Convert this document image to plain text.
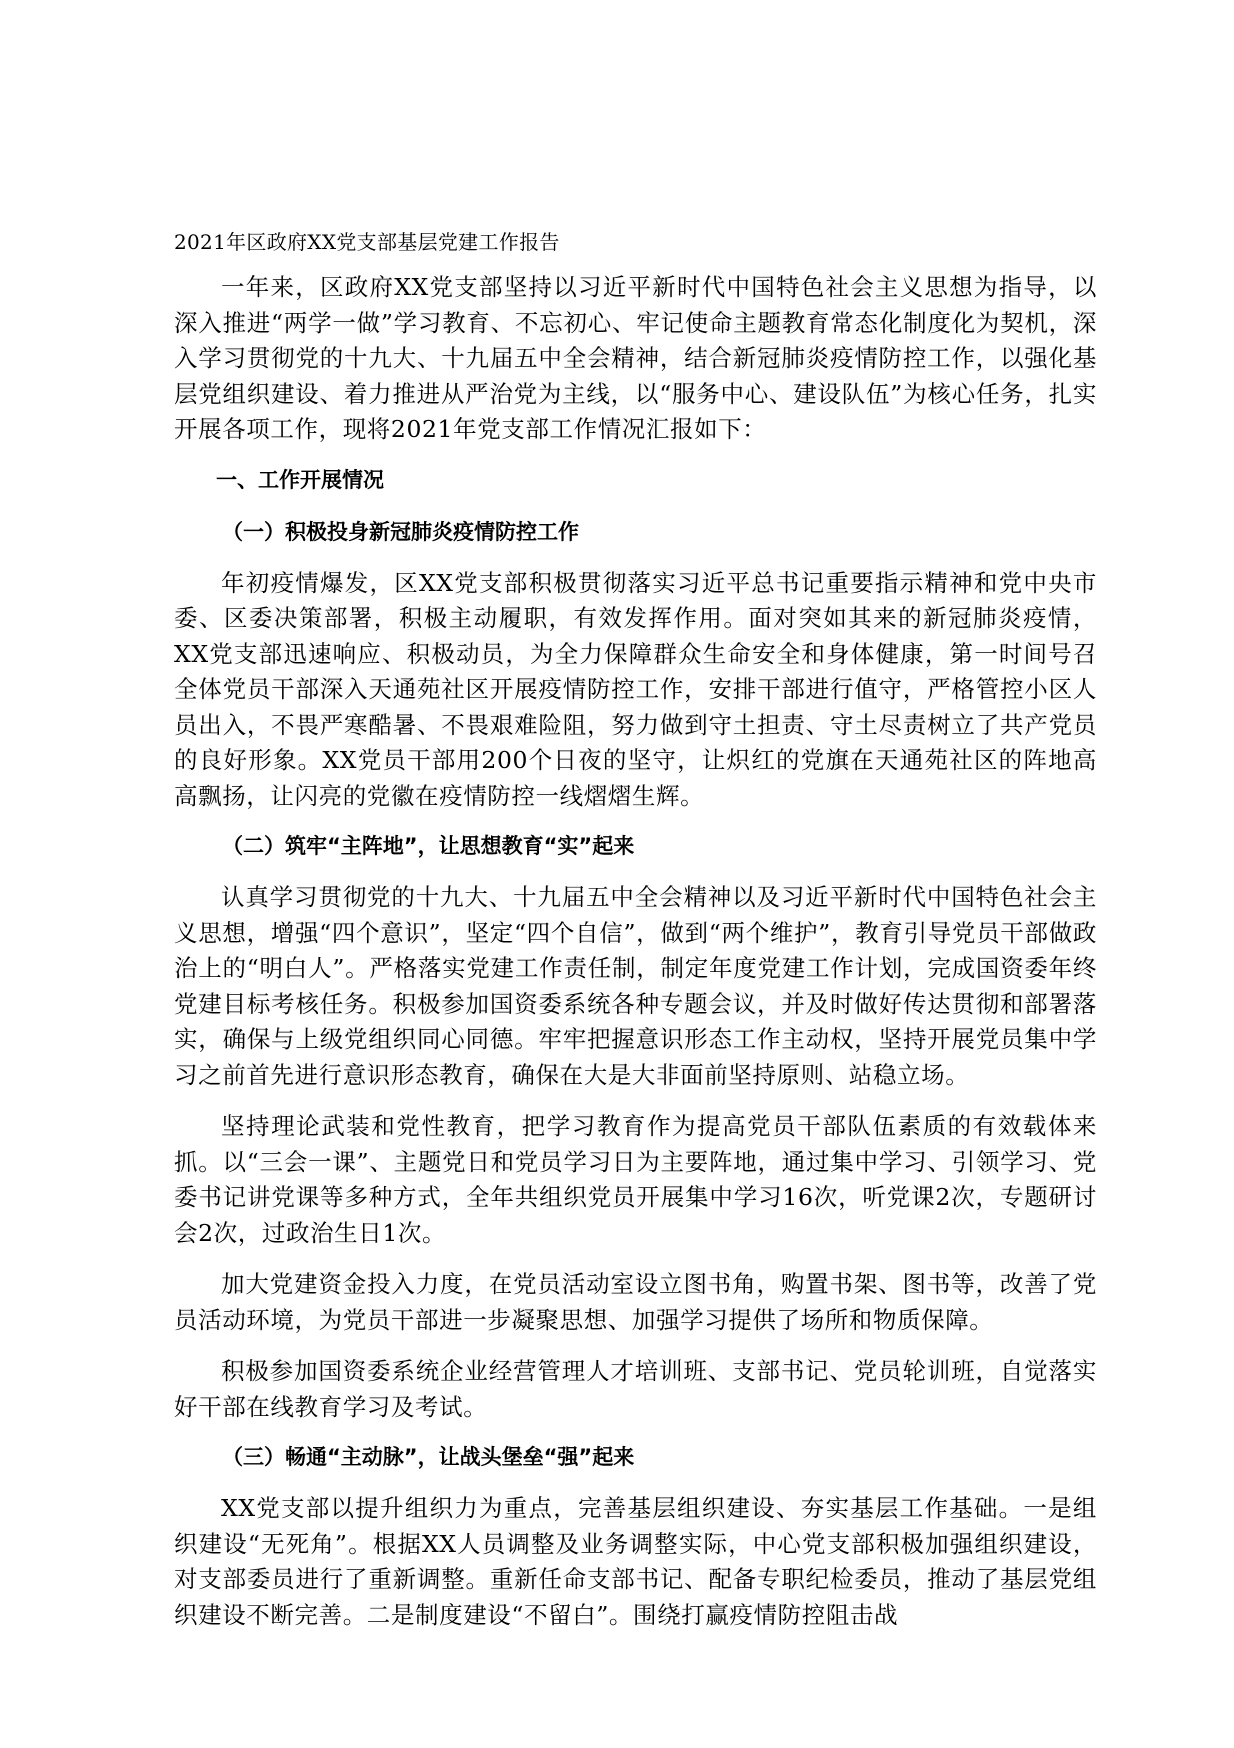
2021年区政府XX党支部基层党建工作报告

一年来，区政府XX党支部坚持以习近平新时代中国特色社会主义思想为指导，以深入推进“两学一做”学习教育、不忘初心、牢记使命主题教育常态化制度化为契机，深入学习贯彻党的十九大、十九届五中全会精神，结合新冠肺炎疫情防控工作，以强化基层党组织建设、着力推进从严治党为主线，以“服务中心、建设队伍”为核心任务，扎实开展各项工作，现将2021年党支部工作情况汇报如下：

一、工作开展情况
（一）积极投身新冠肺炎疫情防控工作

年初疫情爆发，区XX党支部积极贯彻落实习近平总书记重要指示精神和党中央市委、区委决策部署，积极主动履职，有效发挥作用。面对突如其来的新冠肺炎疫情，XX党支部迅速响应、积极动员，为全力保障群众生命安全和身体健康，第一时间号召全体党员干部深入天通苑社区开展疫情防控工作，安排干部进行值守，严格管控小区人员出入，不畏严寒酷暑、不畏艰难险阻，努力做到守土担责、守土尽责树立了共产党员的良好形象。XX党员干部用200个日夜的坚守，让炽红的党旗在天通苑社区的阵地高高飘扬，让闪亮的党徽在疫情防控一线熠熠生辉。

（二）筑牢“主阵地”，让思想教育“实”起来

认真学习贯彻党的十九大、十九届五中全会精神以及习近平新时代中国特色社会主义思想，增强“四个意识”，坚定“四个自信”，做到“两个维护”，教育引导党员干部做政治上的“明白人”。严格落实党建工作责任制，制定年度党建工作计划，完成国资委年终党建目标考核任务。积极参加国资委系统各种专题会议，并及时做好传达贯彻和部署落实，确保与上级党组织同心同德。牢牢把握意识形态工作主动权，坚持开展党员集中学习之前首先进行意识形态教育，确保在大是大非面前坚持原则、站稳立场。

坚持理论武装和党性教育，把学习教育作为提高党员干部队伍素质的有效载体来抓。以“三会一课”、主题党日和党员学习日为主要阵地，通过集中学习、引领学习、党委书记讲党课等多种方式，全年共组织党员开展集中学习16次，听党课2次，专题研讨会2次，过政治生日1次。

加大党建资金投入力度，在党员活动室设立图书角，购置书架、图书等，改善了党员活动环境，为党员干部进一步凝聚思想、加强学习提供了场所和物质保障。

积极参加国资委系统企业经营管理人才培训班、支部书记、党员轮训班，自觉落实好干部在线教育学习及考试。

（三）畅通“主动脉”，让战头堡垒“强”起来

XX党支部以提升组织力为重点，完善基层组织建设、夯实基层工作基础。一是组织建设“无死角”。根据XX人员调整及业务调整实际，中心党支部积极加强组织建设，对支部委员进行了重新调整。重新任命支部书记、配备专职纪检委员，推动了基层党组织建设不断完善。二是制度建设“不留白”。围绕打赢疫情防控阻击战
